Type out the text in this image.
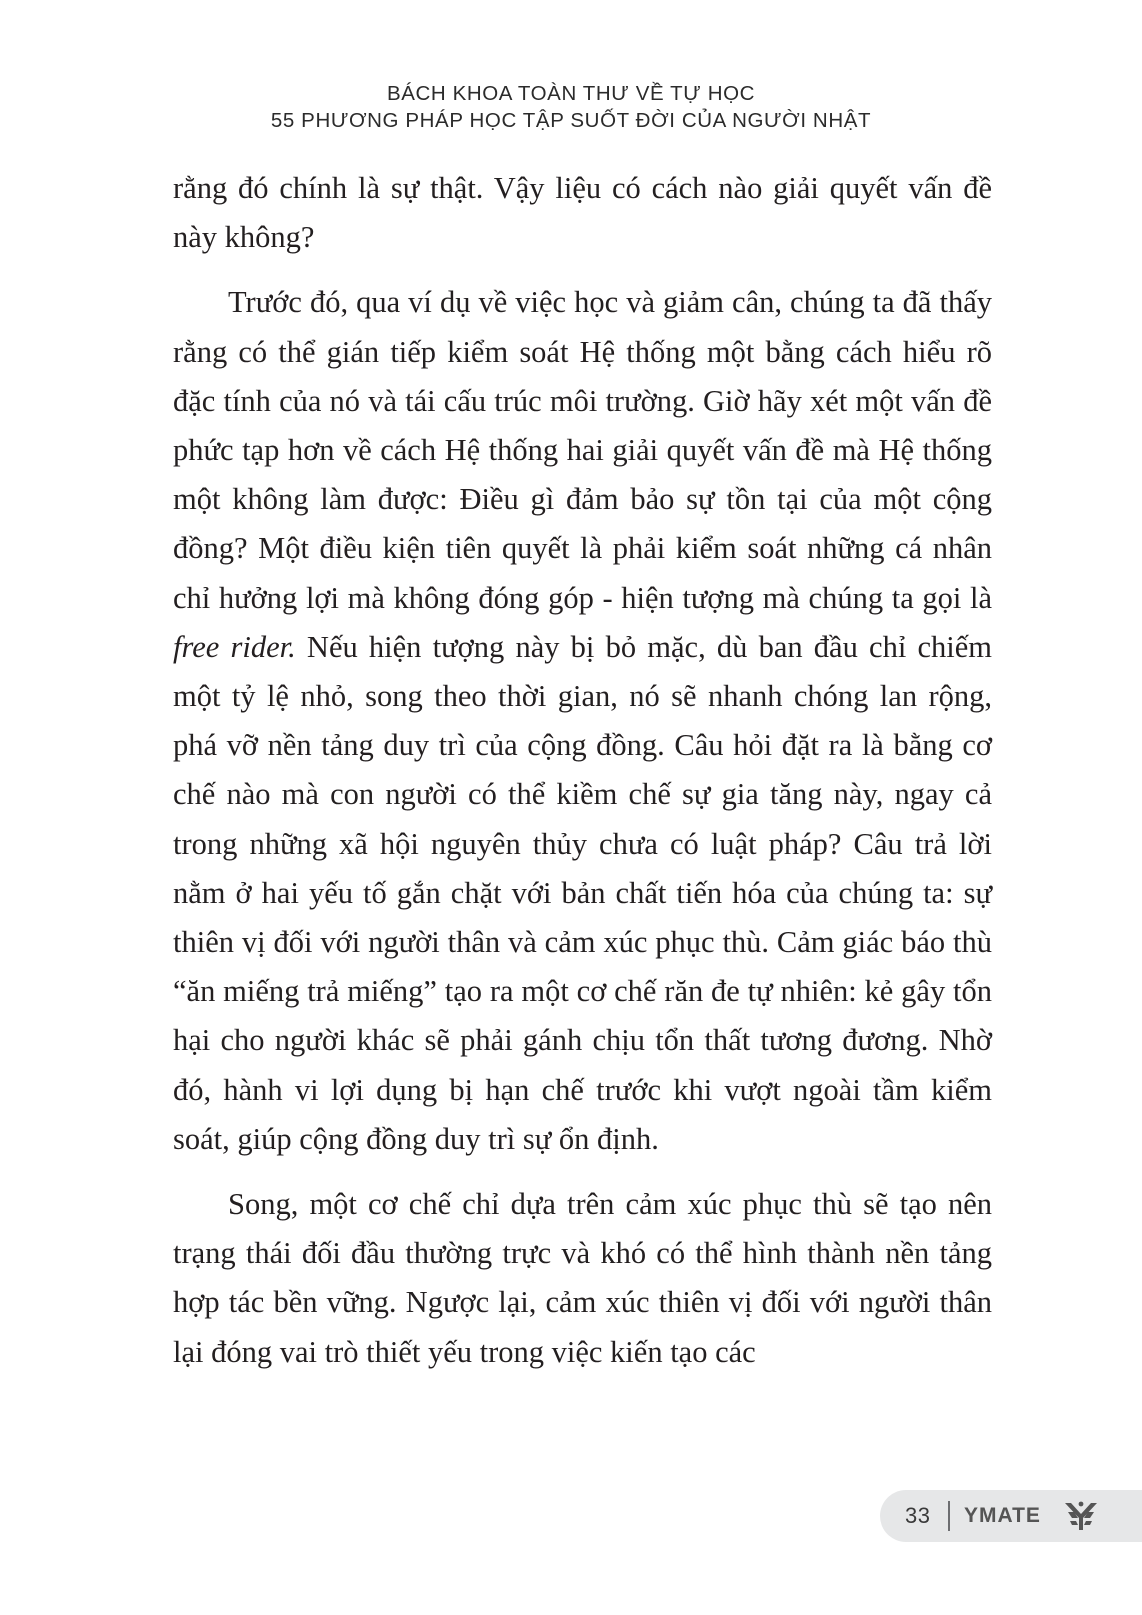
BÁCH KHOA TOÀN THƯ VỀ TỰ HỌC
55 PHƯƠNG PHÁP HỌC TẬP SUỐT ĐỜI CỦA NGƯỜI NHẬT

rằng đó chính là sự thật. Vậy liệu có cách nào giải quyết vấn đề này không?

Trước đó, qua ví dụ về việc học và giảm cân, chúng ta đã thấy rằng có thể gián tiếp kiểm soát Hệ thống một bằng cách hiểu rõ đặc tính của nó và tái cấu trúc môi trường. Giờ hãy xét một vấn đề phức tạp hơn về cách Hệ thống hai giải quyết vấn đề mà Hệ thống một không làm được: Điều gì đảm bảo sự tồn tại của một cộng đồng? Một điều kiện tiên quyết là phải kiểm soát những cá nhân chỉ hưởng lợi mà không đóng góp - hiện tượng mà chúng ta gọi là free rider. Nếu hiện tượng này bị bỏ mặc, dù ban đầu chỉ chiếm một tỷ lệ nhỏ, song theo thời gian, nó sẽ nhanh chóng lan rộng, phá vỡ nền tảng duy trì của cộng đồng. Câu hỏi đặt ra là bằng cơ chế nào mà con người có thể kiềm chế sự gia tăng này, ngay cả trong những xã hội nguyên thủy chưa có luật pháp? Câu trả lời nằm ở hai yếu tố gắn chặt với bản chất tiến hóa của chúng ta: sự thiên vị đối với người thân và cảm xúc phục thù. Cảm giác báo thù “ăn miếng trả miếng” tạo ra một cơ chế răn đe tự nhiên: kẻ gây tổn hại cho người khác sẽ phải gánh chịu tổn thất tương đương. Nhờ đó, hành vi lợi dụng bị hạn chế trước khi vượt ngoài tầm kiểm soát, giúp cộng đồng duy trì sự ổn định.

Song, một cơ chế chỉ dựa trên cảm xúc phục thù sẽ tạo nên trạng thái đối đầu thường trực và khó có thể hình thành nền tảng hợp tác bền vững. Ngược lại, cảm xúc thiên vị đối với người thân lại đóng vai trò thiết yếu trong việc kiến tạo các

33 YMATE
